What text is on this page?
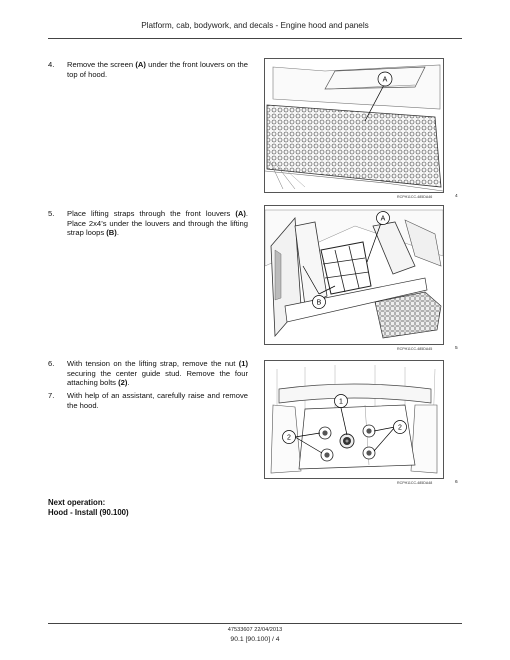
Platform, cab, bodywork, and decals - Engine hood and panels
4. Remove the screen (A) under the front louvers on the top of hood.
A
RCPH11CC-485DA46	4
5. Place lifting straps through the front louvers (A). Place 2x4’s under the louvers and through the lifting strap loops (B).
A
B
RCPH11CC-485DA45	5
6. With tension on the lifting strap, remove the nut (1) securing the center guide stud. Remove the four attaching bolts (2).
7. With help of an assistant, carefully raise and remove the hood.	1
2
2
RCPH11CC-485DA48	6
Next operation:
Hood - Install (90.100)
47533607 22/04/2013
90.1 [90.100] / 4
